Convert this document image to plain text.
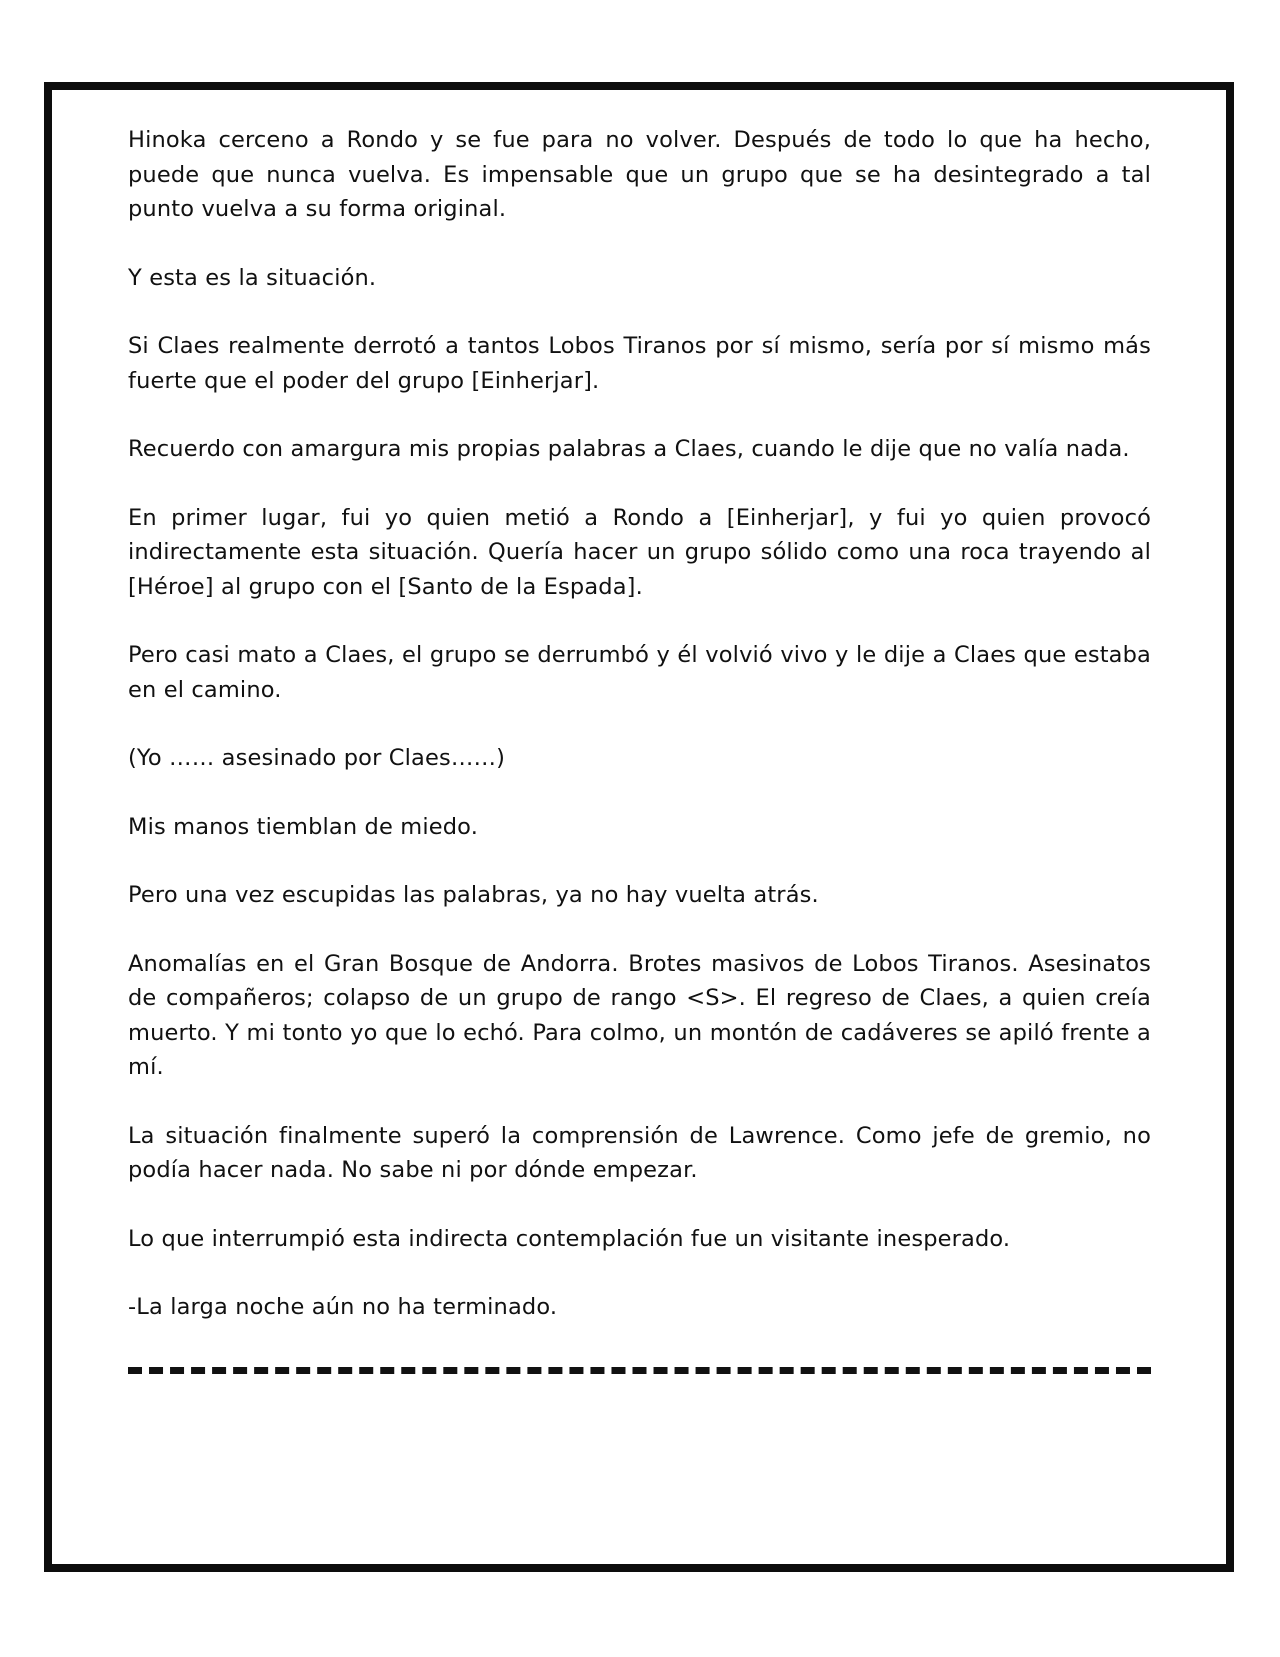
Hinoka cerceno a Rondo y se fue para no volver. Después de todo lo que ha hecho, puede que nunca vuelva. Es impensable que un grupo que se ha desintegrado a tal punto vuelva a su forma original.

Y esta es la situación.

Si Claes realmente derrotó a tantos Lobos Tiranos por sí mismo, sería por sí mismo más fuerte que el poder del grupo [Einherjar].

Recuerdo con amargura mis propias palabras a Claes, cuando le dije que no valía nada.

En primer lugar, fui yo quien metió a Rondo a [Einherjar], y fui yo quien provocó indirectamente esta situación. Quería hacer un grupo sólido como una roca trayendo al [Héroe] al grupo con el [Santo de la Espada].

Pero casi mato a Claes, el grupo se derrumbó y él volvió vivo y le dije a Claes que estaba en el camino.

(Yo …… asesinado por Claes……)

Mis manos tiemblan de miedo.

Pero una vez escupidas las palabras, ya no hay vuelta atrás.

Anomalías en el Gran Bosque de Andorra. Brotes masivos de Lobos Tiranos. Asesinatos de compañeros; colapso de un grupo de rango <S>. El regreso de Claes, a quien creía muerto. Y mi tonto yo que lo echó. Para colmo, un montón de cadáveres se apiló frente a mí.

La situación finalmente superó la comprensión de Lawrence. Como jefe de gremio, no podía hacer nada. No sabe ni por dónde empezar.

Lo que interrumpió esta indirecta contemplación fue un visitante inesperado.

-La larga noche aún no ha terminado.
